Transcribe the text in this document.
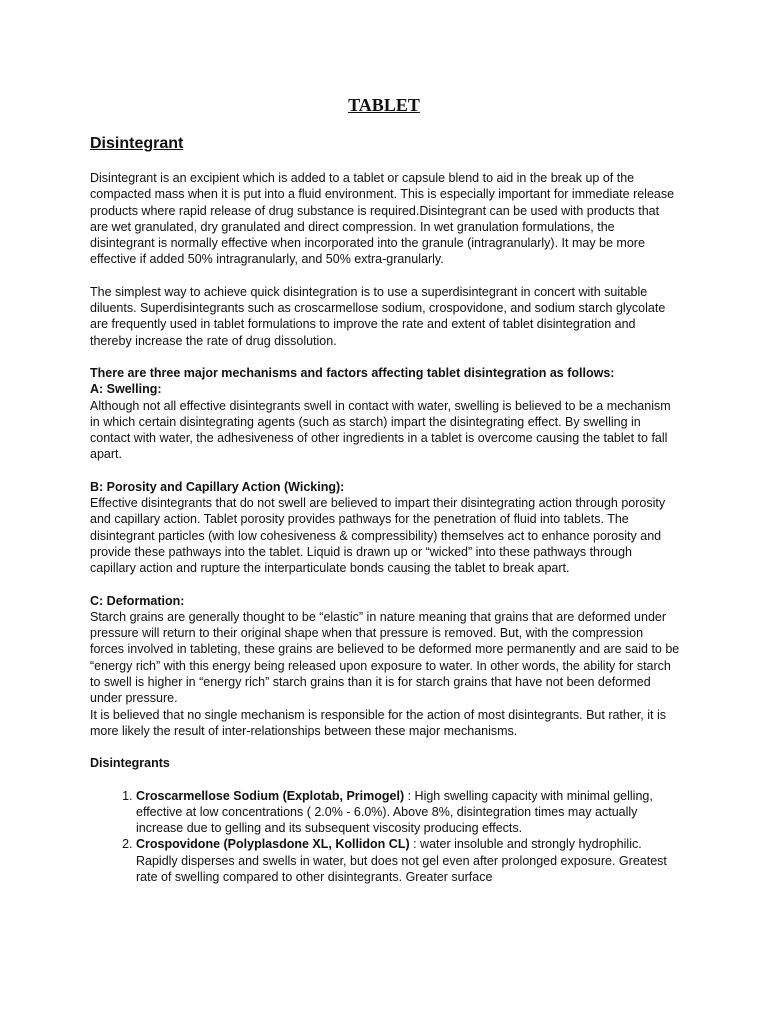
TABLET
Disintegrant

Disintegrant is an excipient which is added to a tablet or capsule blend to aid in the break up of the compacted mass when it is put into a fluid environment. This is especially important for immediate release products where rapid release of drug substance is required.Disintegrant can be used with products that are wet granulated, dry granulated and direct compression. In wet granulation formulations, the disintegrant is normally effective when incorporated into the granule (intragranularly). It may be more effective if added 50% intragranularly, and 50% extra-granularly.

The simplest way to achieve quick disintegration is to use a superdisintegrant in concert with suitable diluents. Superdisintegrants such as croscarmellose sodium, crospovidone, and sodium starch glycolate are frequently used in tablet formulations to improve the rate and extent of tablet disintegration and thereby increase the rate of drug dissolution.

There are three major mechanisms and factors affecting tablet disintegration as follows:

A: Swelling:

Although not all effective disintegrants swell in contact with water, swelling is believed to be a mechanism in which certain disintegrating agents (such as starch) impart the disintegrating effect. By swelling in contact with water, the adhesiveness of other ingredients in a tablet is overcome causing the tablet to fall apart.

B: Porosity and Capillary Action (Wicking):

Effective disintegrants that do not swell are believed to impart their disintegrating action through porosity and capillary action. Tablet porosity provides pathways for the penetration of fluid into tablets. The disintegrant particles (with low cohesiveness & compressibility) themselves act to enhance porosity and provide these pathways into the tablet. Liquid is drawn up or “wicked” into these pathways through capillary action and rupture the interparticulate bonds causing the tablet to break apart.

C: Deformation:

Starch grains are generally thought to be “elastic” in nature meaning that grains that are deformed under pressure will return to their original shape when that pressure is removed. But, with the compression forces involved in tableting, these grains are believed to be deformed more permanently and are said to be “energy rich” with this energy being released upon exposure to water. In other words, the ability for starch to swell is higher in “energy rich” starch grains than it is for starch grains that have not been deformed under pressure.

It is believed that no single mechanism is responsible for the action of most disintegrants. But rather, it is more likely the result of inter-relationships between these major mechanisms.

Disintegrants

1. Croscarmellose Sodium (Explotab, Primogel) : High swelling capacity with minimal gelling, effective at low concentrations ( 2.0% - 6.0%). Above 8%, disintegration times may actually increase due to gelling and its subsequent viscosity producing effects.
2. Crospovidone (Polyplasdone XL, Kollidon CL) : water insoluble and strongly hydrophilic. Rapidly disperses and swells in water, but does not gel even after prolonged exposure. Greatest rate of swelling compared to other disintegrants. Greater surface
